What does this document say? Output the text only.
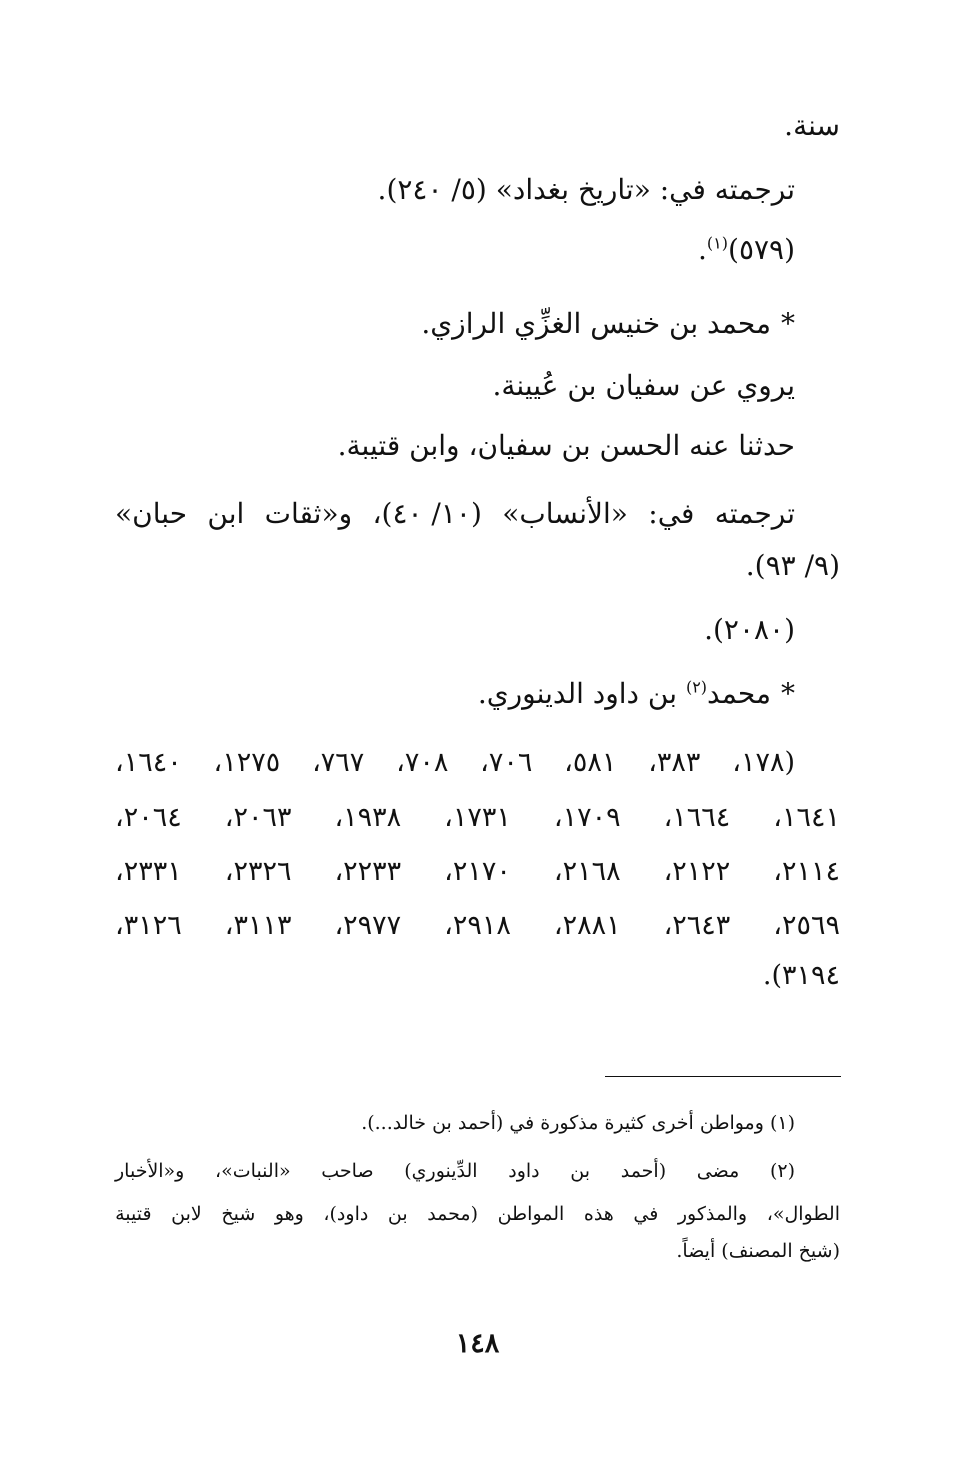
سنة.
ترجمته في: «تاريخ بغداد» (٥/ ٢٤٠).
(٥٧٩)$^{(١)}$.
*محمد بن خنيس الغزِّي الرازي.
يروي عن سفيان بن عُيينة.
حدثنا عنه الحسن بن سفيان، وابن قتيبة.
ترجمته
في:
«الأنساب»
(١٠/ ٤٠)،
و«ثقات
ابن
حبان»
(٩/ ٩٣).
(٢٠٨٠).
*محمد$^{(٢)}$ بن داود الدينوري.
(١٧٨،
٣٨٣،
٥٨١،
٧٠٦،
٧٠٨،
٧٦٧،
١٢٧٥،
١٦٤٠،
١٦٤١،
١٦٦٤،
١٧٠٩،
١٧٣١،
١٩٣٨،
٢٠٦٣،
٢٠٦٤،
٢١١٤،
٢١٢٢،
٢١٦٨،
٢١٧٠،
٢٢٣٣،
٢٣٢٦،
٢٣٣١،
٢٥٦٩،
٢٦٤٣،
٢٨٨١،
٢٩١٨،
٢٩٧٧،
٣١١٣،
٣١٢٦،
٣١٩٤).
(١) ومواطن أخرى كثيرة مذكورة في (أحمد بن خالد...).
(٢)
مضى
(أحمد
بن
داود
الدِّينوري)
صاحب
«النبات»،
و«الأخبار
الطوال»،
والمذكور
في
هذه
المواطن
(محمد
بن
داود)،
وهو
شيخ
لابن
قتيبة
(شيخ المصنف) أيضاً.
١٤٨
